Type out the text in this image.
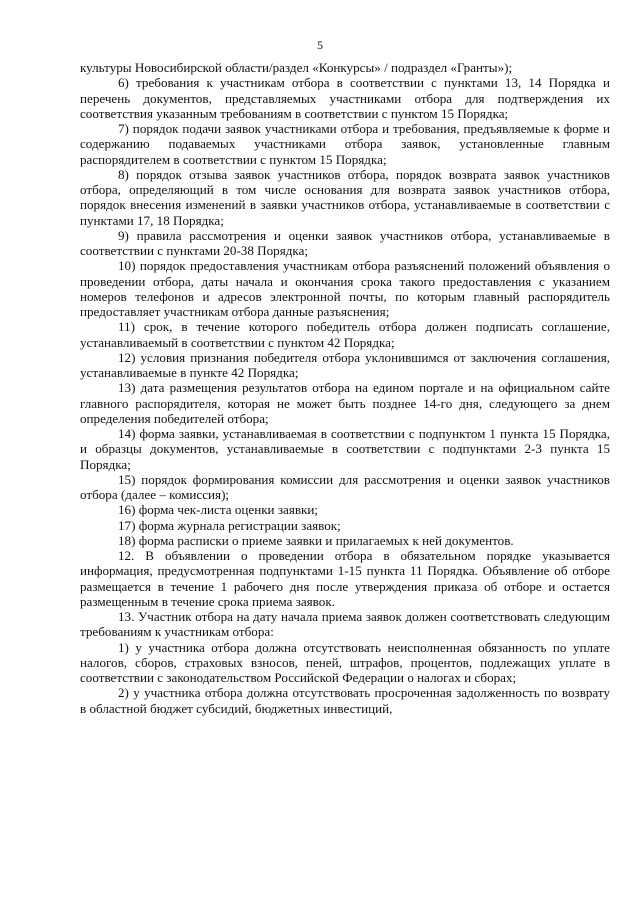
5

культуры Новосибирской области/раздел «Конкурсы» / подраздел «Гранты»);

6) требования к участникам отбора в соответствии с пунктами 13, 14 Порядка и перечень документов, представляемых участниками отбора для подтверждения их соответствия указанным требованиям в соответствии с пунктом 15 Порядка;

7) порядок подачи заявок участниками отбора и требования, предъявляемые к форме и содержанию подаваемых участниками отбора заявок, установленные главным распорядителем в соответствии с пунктом 15 Порядка;

8) порядок отзыва заявок участников отбора, порядок возврата заявок участников отбора, определяющий в том числе основания для возврата заявок участников отбора, порядок внесения изменений в заявки участников отбора, устанавливаемые в соответствии с пунктами 17, 18 Порядка;

9) правила рассмотрения и оценки заявок участников отбора, устанавливаемые в соответствии с пунктами 20-38 Порядка;

10) порядок предоставления участникам отбора разъяснений положений объявления о проведении отбора, даты начала и окончания срока такого предоставления с указанием номеров телефонов и адресов электронной почты, по которым главный распорядитель предоставляет участникам отбора данные разъяснения;

11) срок, в течение которого победитель отбора должен подписать соглашение, устанавливаемый в соответствии с пунктом 42 Порядка;

12) условия признания победителя отбора уклонившимся от заключения соглашения, устанавливаемые в пункте 42 Порядка;

13) дата размещения результатов отбора на едином портале и на официальном сайте главного распорядителя, которая не может быть позднее 14-го дня, следующего за днем определения победителей отбора;

14) форма заявки, устанавливаемая в соответствии с подпунктом 1 пункта 15 Порядка, и образцы документов, устанавливаемые в соответствии с подпунктами 2-3 пункта 15 Порядка;

15) порядок формирования комиссии для рассмотрения и оценки заявок участников отбора (далее – комиссия);

16) форма чек-листа оценки заявки;

17) форма журнала регистрации заявок;

18) форма расписки о приеме заявки и прилагаемых к ней документов.

12. В объявлении о проведении отбора в обязательном порядке указывается информация, предусмотренная подпунктами 1-15 пункта 11 Порядка. Объявление об отборе размещается в течение 1 рабочего дня после утверждения приказа об отборе и остается размещенным в течение срока приема заявок.

13. Участник отбора на дату начала приема заявок должен соответствовать следующим требованиям к участникам отбора:

1) у участника отбора должна отсутствовать неисполненная обязанность по уплате налогов, сборов, страховых взносов, пеней, штрафов, процентов, подлежащих уплате в соответствии с законодательством Российской Федерации о налогах и сборах;

2) у участника отбора должна отсутствовать просроченная задолженность по возврату в областной бюджет субсидий, бюджетных инвестиций,
